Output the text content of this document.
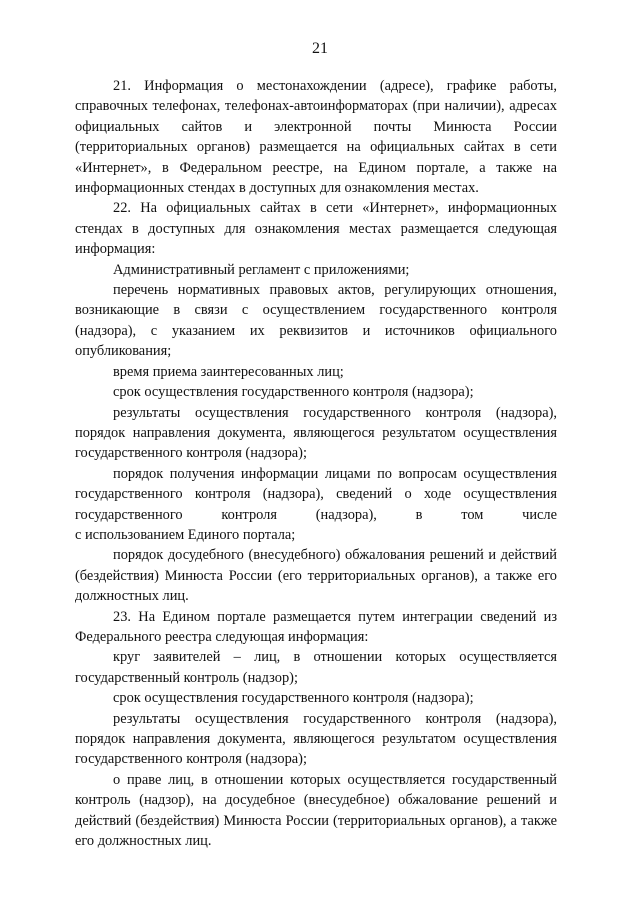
21

21. Информация о местонахождении (адресе), графике работы, справочных телефонах, телефонах-автоинформаторах (при наличии), адресах официальных сайтов и электронной почты Минюста России (территориальных органов) размещается на официальных сайтах в сети «Интернет», в Федеральном реестре, на Едином портале, а также на информационных стендах в доступных для ознакомления местах.

22. На официальных сайтах в сети «Интернет», информационных стендах в доступных для ознакомления местах размещается следующая информация:

Административный регламент с приложениями;

перечень нормативных правовых актов, регулирующих отношения, возникающие в связи с осуществлением государственного контроля (надзора), с указанием их реквизитов и источников официального опубликования;

время приема заинтересованных лиц;

срок осуществления государственного контроля (надзора);

результаты осуществления государственного контроля (надзора), порядок направления документа, являющегося результатом осуществления государственного контроля (надзора);

порядок получения информации лицами по вопросам осуществления государственного контроля (надзора), сведений о ходе осуществления государственного контроля (надзора), в том числе

с использованием Единого портала;

порядок досудебного (внесудебного) обжалования решений и действий (бездействия) Минюста России (его территориальных органов), а также его должностных лиц.

23. На Едином портале размещается путем интеграции сведений из Федерального реестра следующая информация:

круг заявителей – лиц, в отношении которых осуществляется государственный контроль (надзор);

срок осуществления государственного контроля (надзора);

результаты осуществления государственного контроля (надзора), порядок направления документа, являющегося результатом осуществления государственного контроля (надзора);

о праве лиц, в отношении которых осуществляется государственный контроль (надзор), на досудебное (внесудебное) обжалование решений и действий (бездействия) Минюста России (территориальных органов), а также его должностных лиц.
